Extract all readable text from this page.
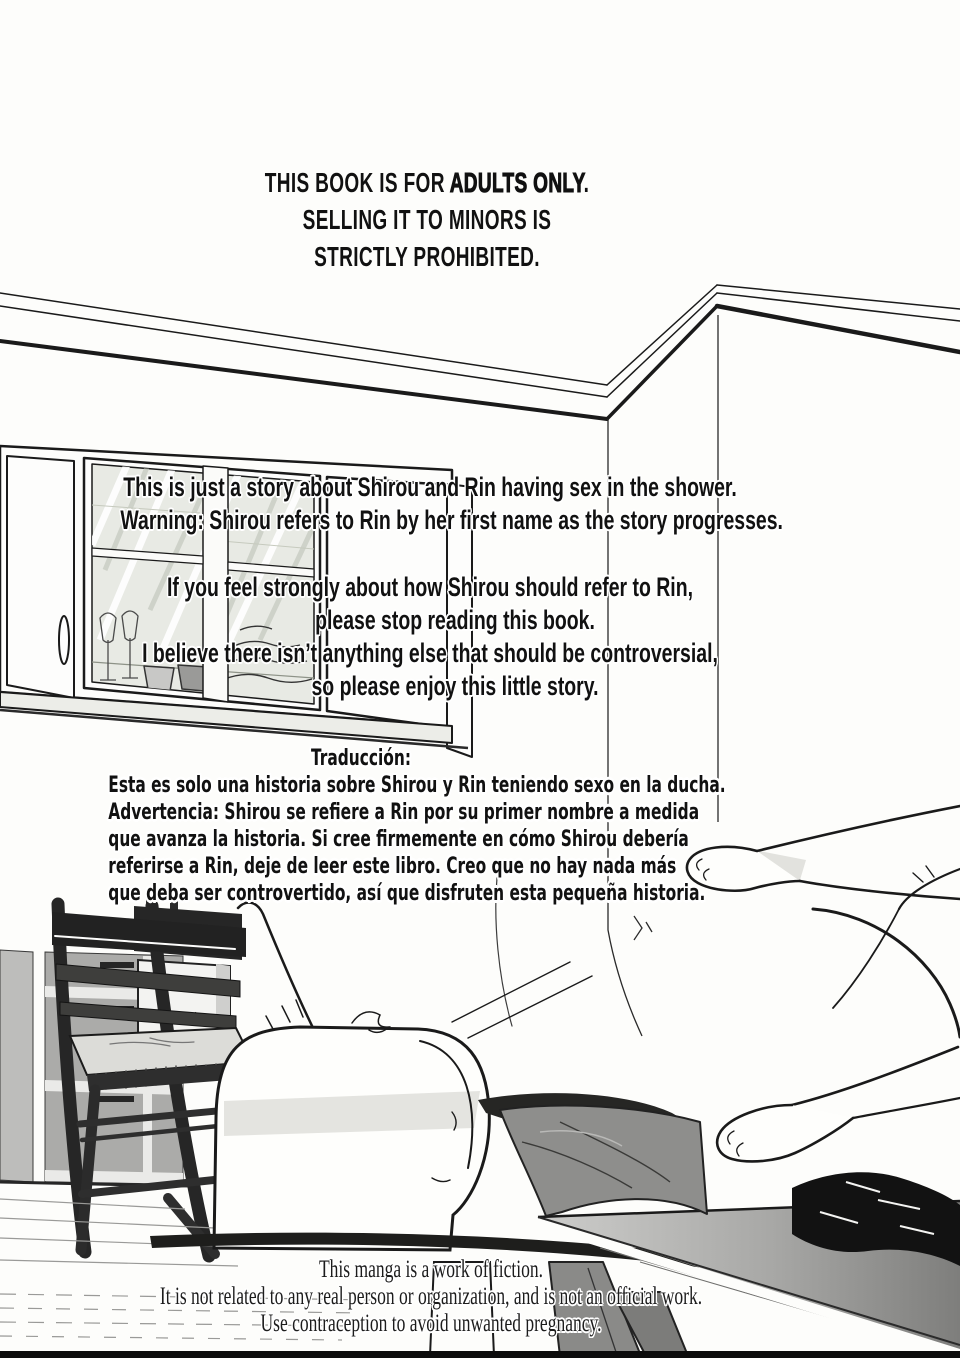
THIS BOOK IS FOR ADULTS ONLY.
SELLING IT TO MINORS IS
STRICTLY PROHIBITED.
This is just a story about Shirou and Rin having sex in the shower.
Warning: Shirou refers to Rin by her first name as the story progresses.
If you feel strongly about how Shirou should refer to Rin,
please stop reading this book.
I believe there isn’t anything else that should be controversial,
so please enjoy this little story.
Traducción:
Esta es solo una historia sobre Shirou y Rin teniendo sexo en la ducha.
Advertencia: Shirou se refiere a Rin por su primer nombre a medida
que avanza la historia. Si cree firmemente en cómo Shirou debería
referirse a Rin, deje de leer este libro. Creo que no hay nada más
que deba ser controvertido, así que disfruten esta pequeña historia.
This manga is a work of fiction.
It is not related to any real person or organization, and is not an official work.
Use contraception to avoid unwanted pregnancy.
